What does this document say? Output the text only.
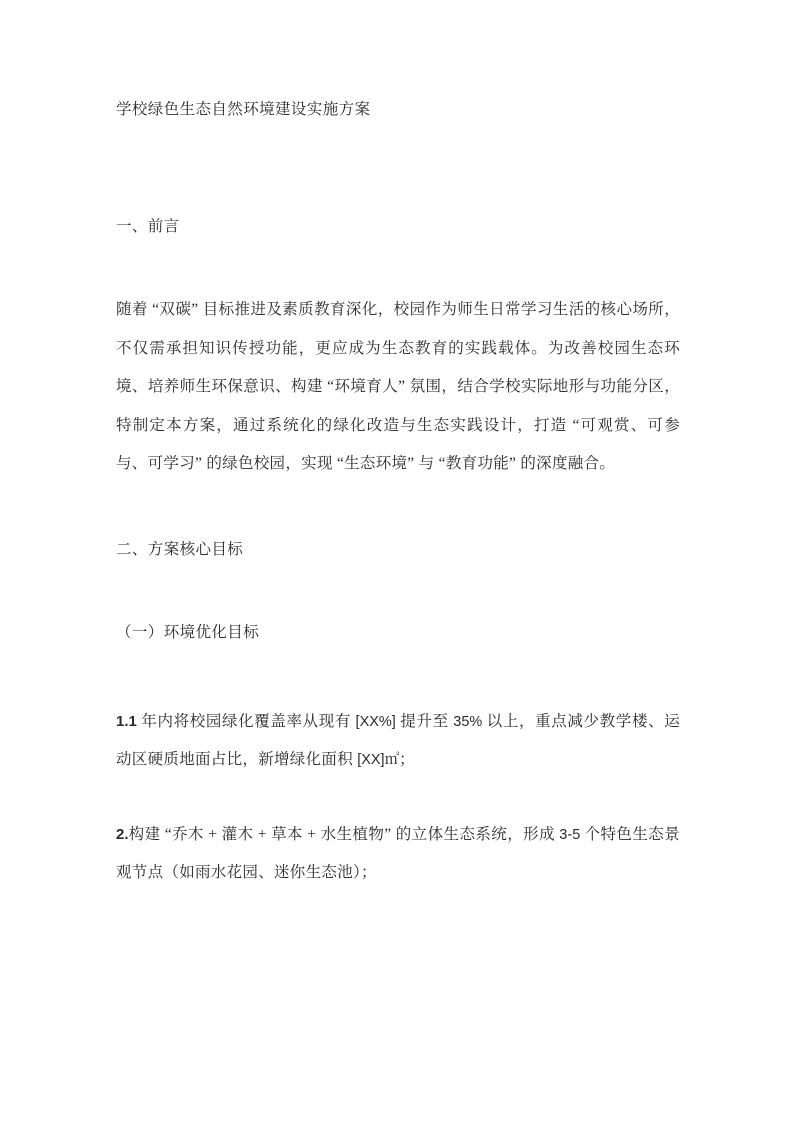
学校绿色生态自然环境建设实施方案
一、前言
随着 “双碳” 目标推进及素质教育深化，校园作为师生日常学习生活的核心场所，不仅需承担知识传授功能，更应成为生态教育的实践载体。为改善校园生态环境、培养师生环保意识、构建 “环境育人” 氛围，结合学校实际地形与功能分区，特制定本方案，通过系统化的绿化改造与生态实践设计，打造 “可观赏、可参与、可学习” 的绿色校园，实现 “生态环境” 与 “教育功能” 的深度融合。
二、方案核心目标
（一）环境优化目标
1.1 年内将校园绿化覆盖率从现有 [XX%] 提升至 35% 以上，重点减少教学楼、运动区硬质地面占比，新增绿化面积 [XX]㎡；
2.构建 “乔木 + 灌木 + 草本 + 水生植物” 的立体生态系统，形成 3-5 个特色生态景观节点（如雨水花园、迷你生态池）；
